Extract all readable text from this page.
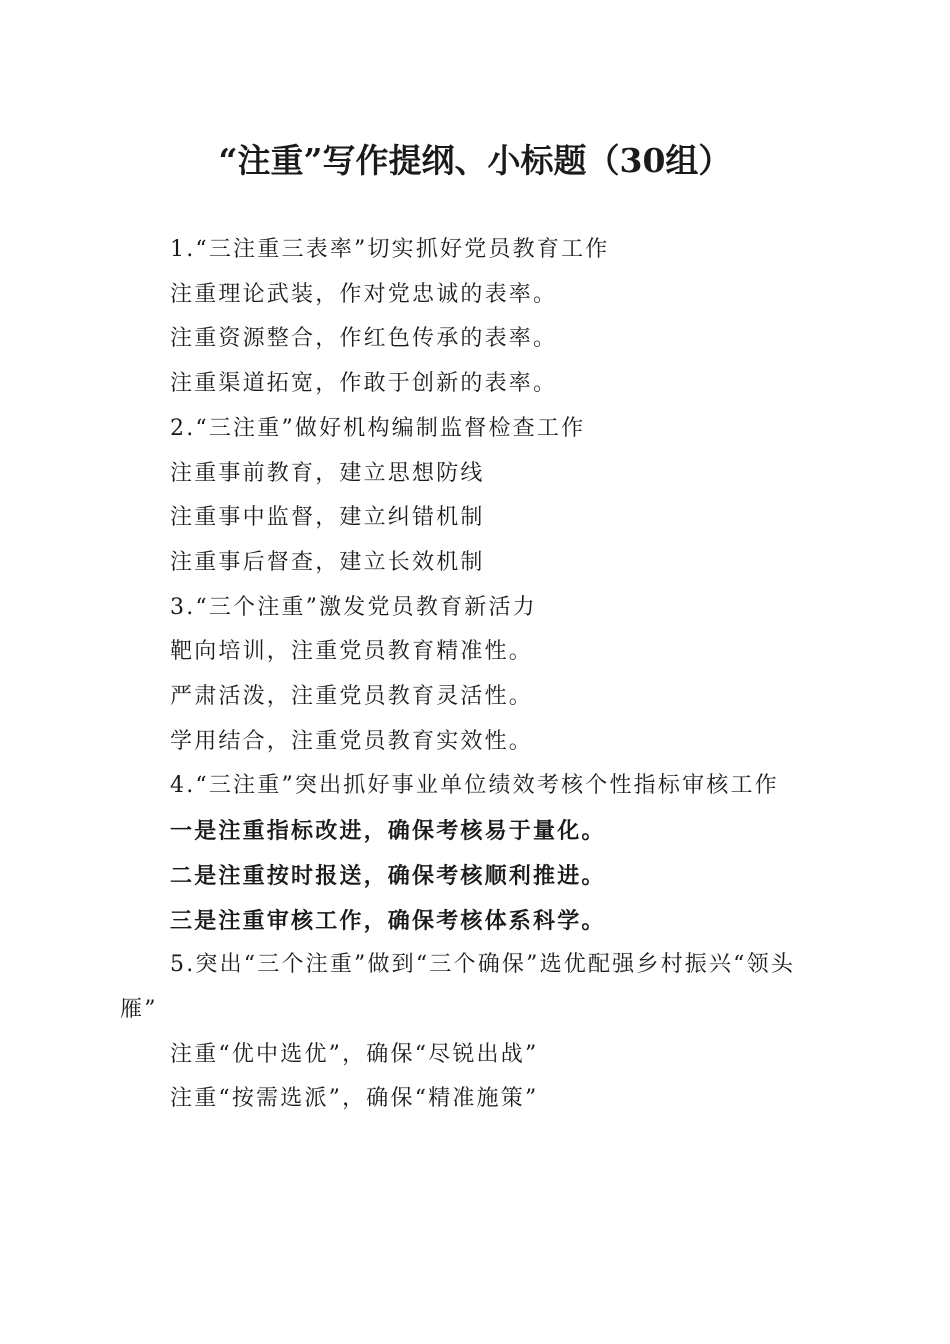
“注重”写作提纲、小标题（30组）
1.“三注重三表率”切实抓好党员教育工作
注重理论武装，作对党忠诚的表率。
注重资源整合，作红色传承的表率。
注重渠道拓宽，作敢于创新的表率。
2.“三注重”做好机构编制监督检查工作
注重事前教育，建立思想防线
注重事中监督，建立纠错机制
注重事后督查，建立长效机制
3.“三个注重”激发党员教育新活力
靶向培训，注重党员教育精准性。
严肃活泼，注重党员教育灵活性。
学用结合，注重党员教育实效性。
4.“三注重”突出抓好事业单位绩效考核个性指标审核工作
一是注重指标改进，确保考核易于量化。
二是注重按时报送，确保考核顺利推进。
三是注重审核工作，确保考核体系科学。
5.突出“三个注重”做到“三个确保”选优配强乡村振兴“领头雁”
注重“优中选优”，确保“尽锐出战”
注重“按需选派”，确保“精准施策”
